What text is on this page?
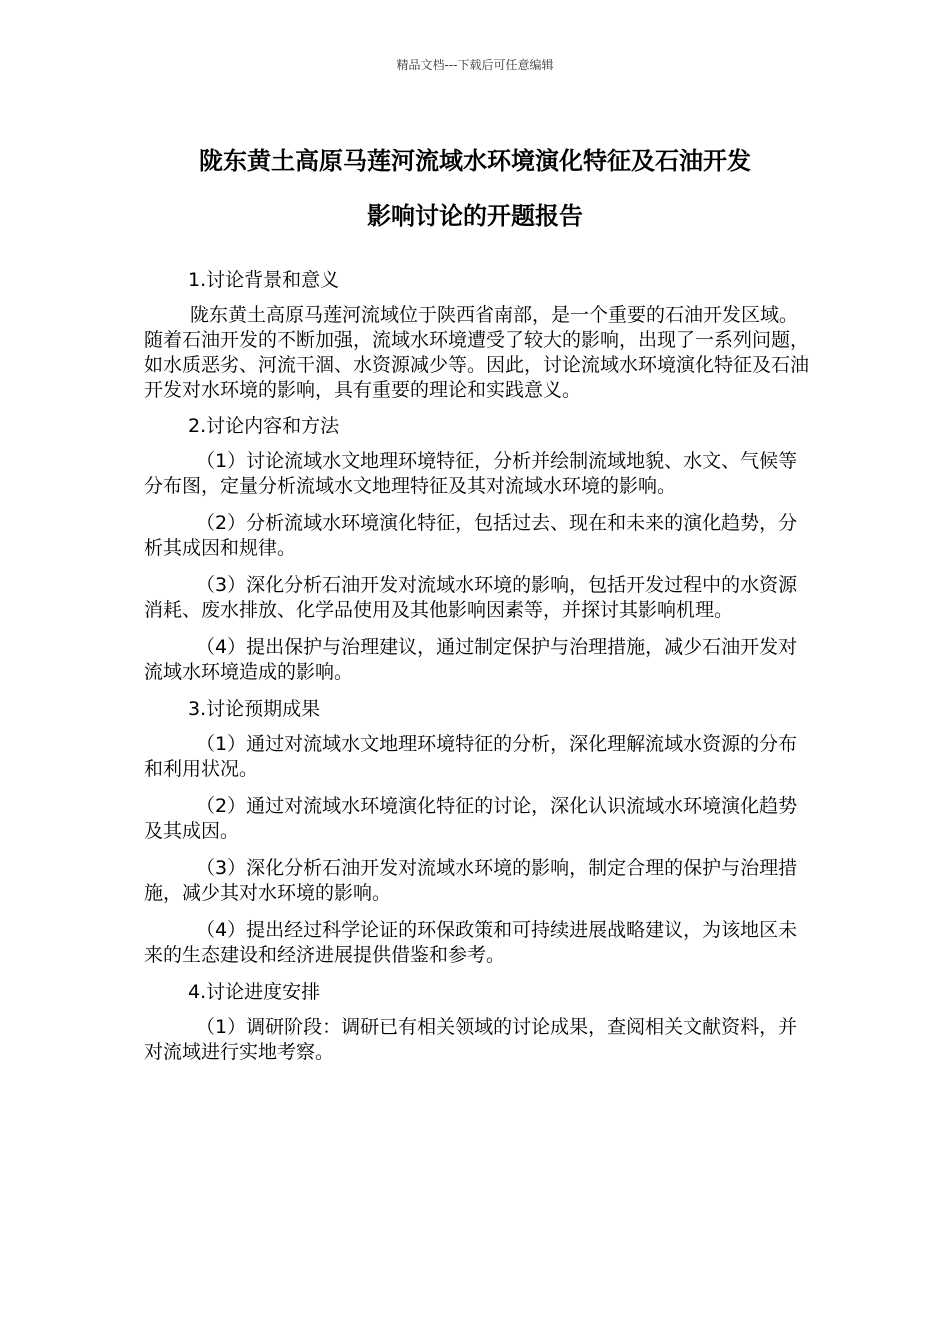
精品文档---下载后可任意编辑
陇东黄土高原马莲河流域水环境演化特征及石油开发
影响讨论的开题报告

1.讨论背景和意义

陇东黄土高原马莲河流域位于陕西省南部，是一个重要的石油开发区域。随着石油开发的不断加强，流域水环境遭受了较大的影响，出现了一系列问题，如水质恶劣、河流干涸、水资源减少等。因此，讨论流域水环境演化特征及石油开发对水环境的影响，具有重要的理论和实践意义。

2.讨论内容和方法

（1）讨论流域水文地理环境特征，分析并绘制流域地貌、水文、气候等分布图，定量分析流域水文地理特征及其对流域水环境的影响。

（2）分析流域水环境演化特征，包括过去、现在和未来的演化趋势，分析其成因和规律。

（3）深化分析石油开发对流域水环境的影响，包括开发过程中的水资源消耗、废水排放、化学品使用及其他影响因素等，并探讨其影响机理。

（4）提出保护与治理建议，通过制定保护与治理措施，减少石油开发对流域水环境造成的影响。

3.讨论预期成果

（1）通过对流域水文地理环境特征的分析，深化理解流域水资源的分布和利用状况。

（2）通过对流域水环境演化特征的讨论，深化认识流域水环境演化趋势及其成因。

（3）深化分析石油开发对流域水环境的影响，制定合理的保护与治理措施，减少其对水环境的影响。

（4）提出经过科学论证的环保政策和可持续进展战略建议，为该地区未来的生态建设和经济进展提供借鉴和参考。

4.讨论进度安排

（1）调研阶段：调研已有相关领域的讨论成果，查阅相关文献资料，并对流域进行实地考察。
